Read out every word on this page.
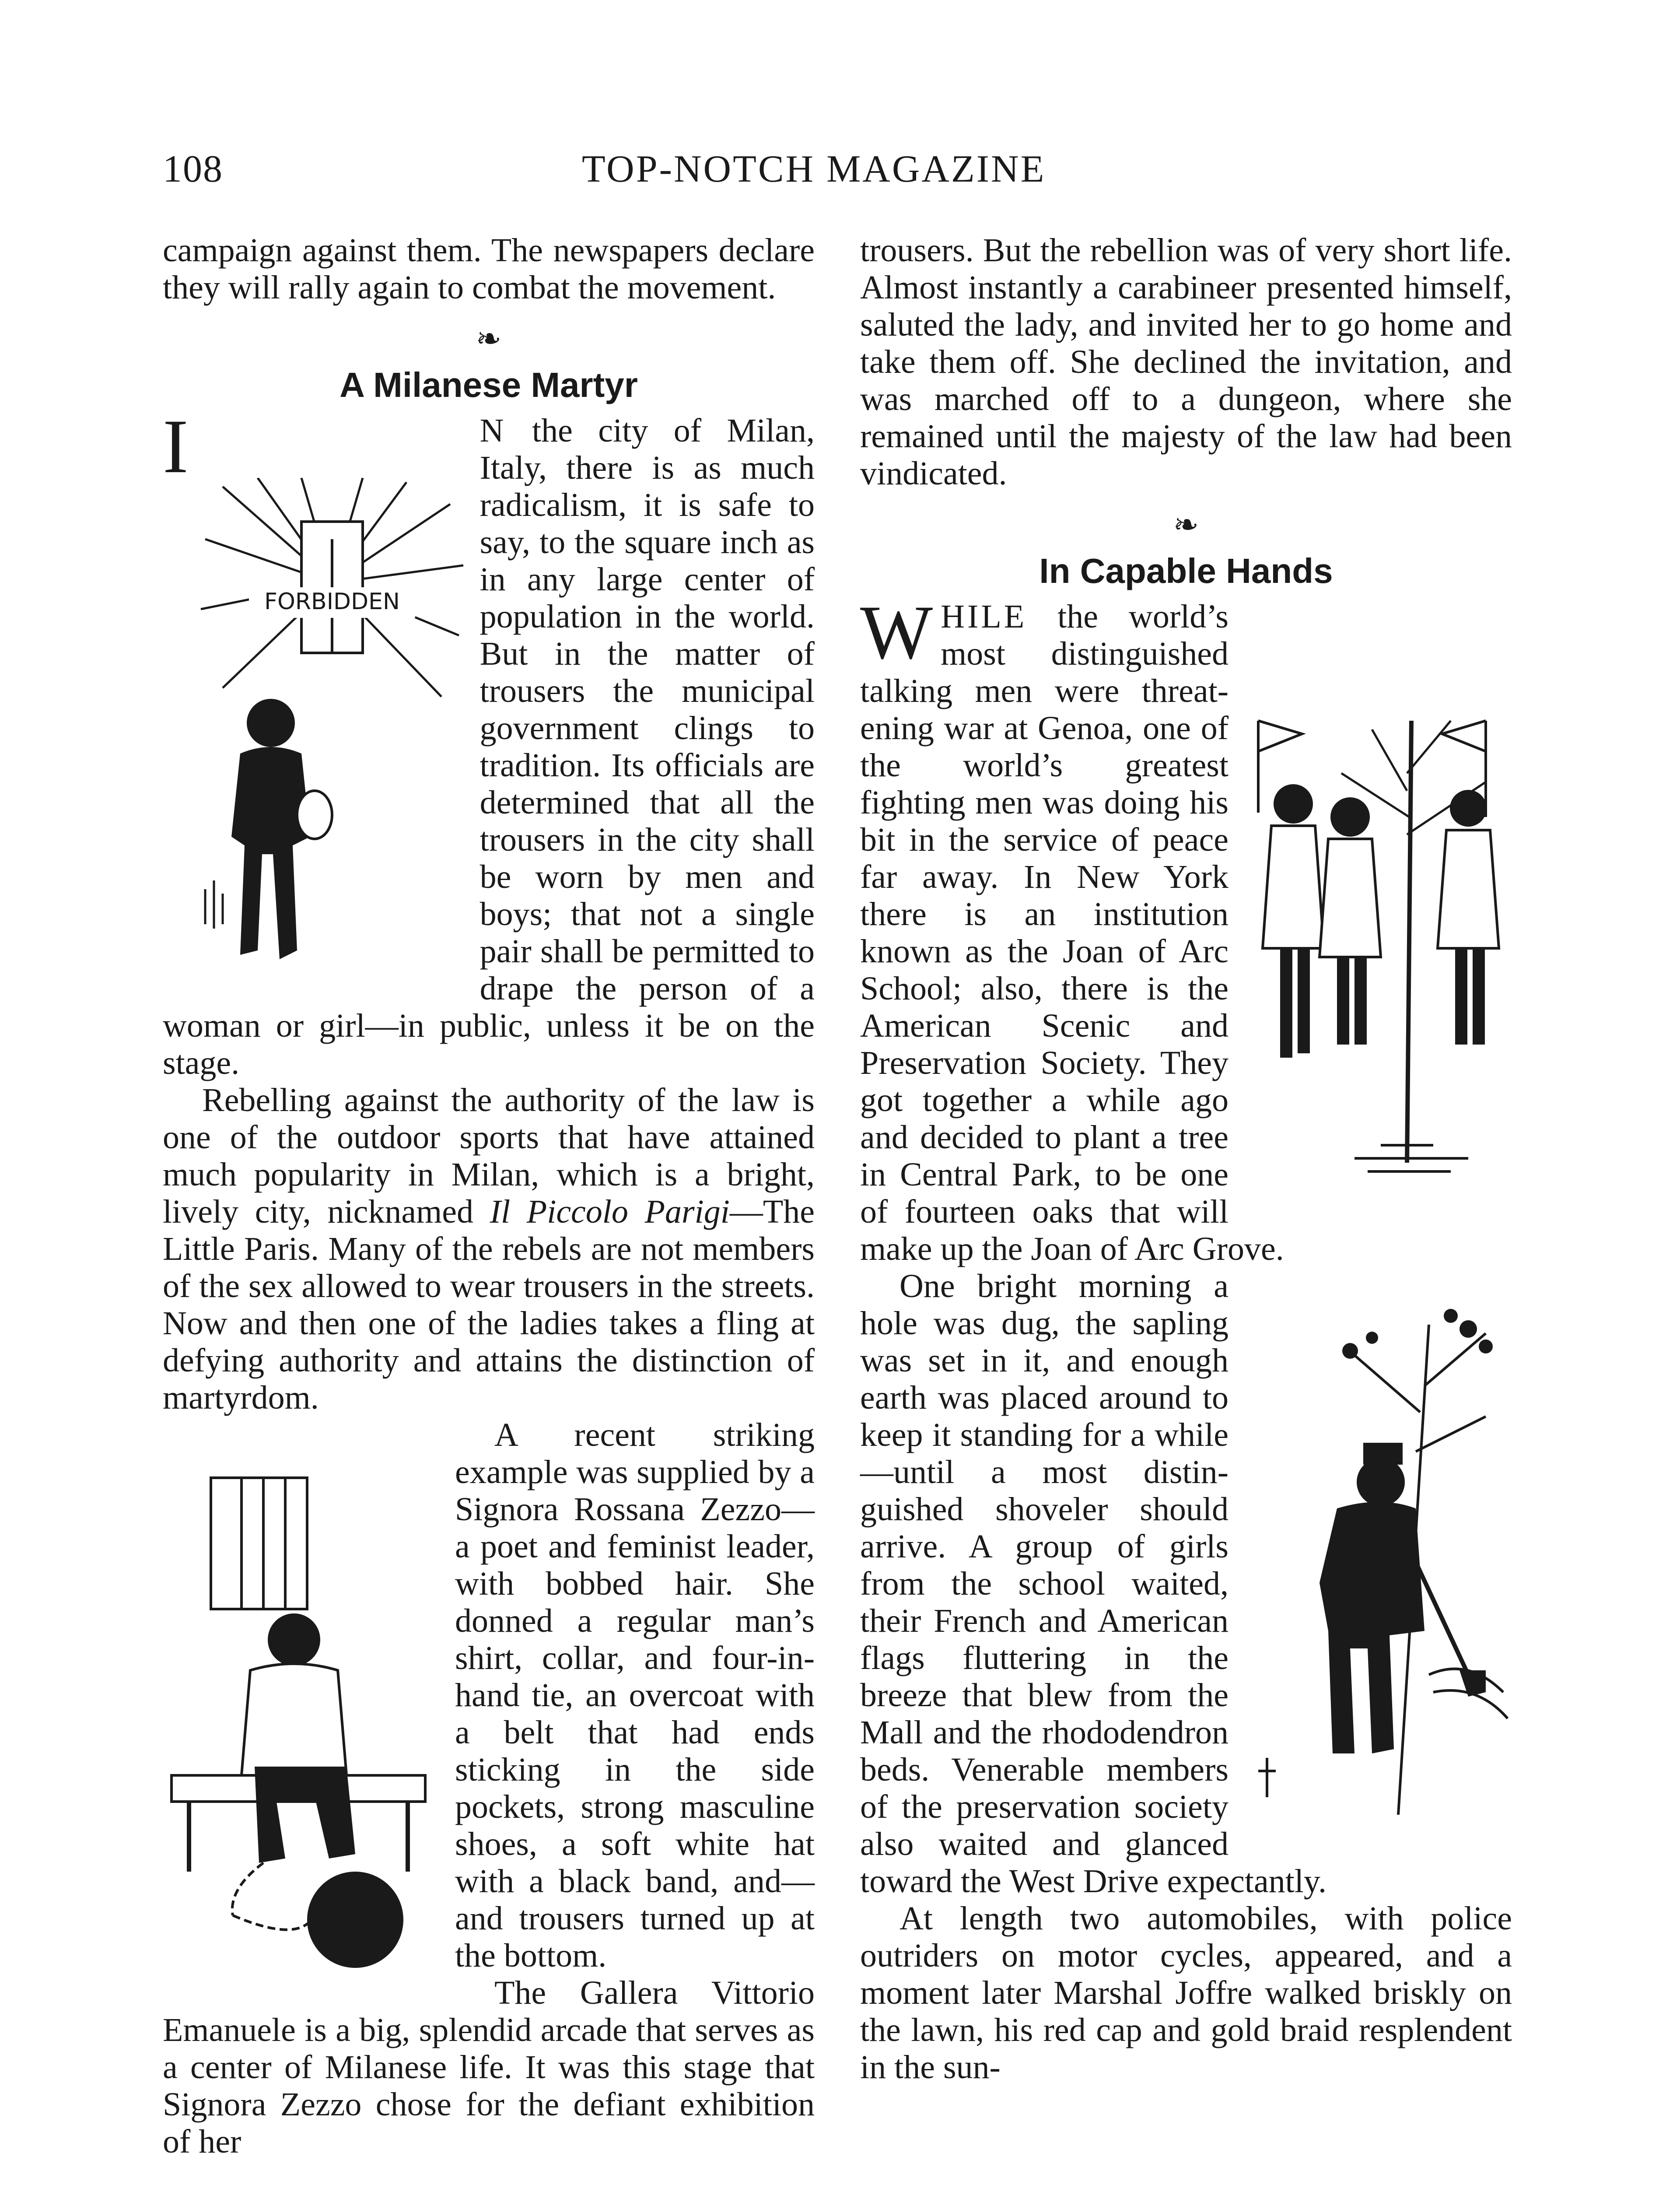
108	TOP-NOTCH MAGAZINE

campaign against them. The newspapers declare they will rally again to combat the movement.

❧
A Milanese Martyr

I	N
FORBIDDEN
the city of Milan, Italy, there is as much radicalism, it is safe to say, to the square inch as in any large center of population in the world. But in the matter of trousers the municipal government clings to tradition. Its officials are determined that all the trousers in the city shall be worn by men and boys; that not a single pair shall be permitted to drape the person of a woman or girl—in public, unless it be on the stage.

Rebelling against the authority of the law is one of the outdoor sports that have attained much popularity in Milan, which is a bright, lively city, nicknamed Il Piccolo Parigi—The Little Paris. Many of the rebels are not members of the sex allowed to wear trousers in the streets. Now and then one of the ladies takes a fling at defying authority and attains the distinction of martyrdom.

A recent striking example was supplied by a Signora Rossana Zezzo—a poet and feminist leader, with bobbed hair. She donned a regular man’s shirt, collar, and four-in-hand tie, an overcoat with a belt that had ends sticking in the side pockets, strong masculine shoes, a soft white hat with a black band, and—and trousers turned up at the bottom.

The Gallera Vittorio Emanuele is a big, splendid arcade that serves as a center of Milanese life. It was this stage that Signora Zezzo chose for the defiant exhibition of her

trousers. But the rebellion was of very short life. Almost instantly a carabineer presented himself, saluted the lady, and invited her to go home and take them off. She declined the invitation, and was marched off to a dungeon, where she remained until the majesty of the law had been vindicated.

❧
In Capable Hands

W HILE the world’s most distinguished talking men were threatening war at Genoa, one of the world’s greatest fighting men was doing his bit in the service of peace far away. In New York there is an institution known as the Joan of Arc School; also, there is the American Scenic and Preservation Society. They got together a while ago and decided to plant a tree in Central Park, to be one of fourteen oaks that will make up the Joan of Arc Grove.

One bright morning a hole was dug, the sapling was set in it, and enough earth was placed around to keep it standing for a while —until a most distinguished shoveler should arrive. A group of girls from the school waited, their French and American flags fluttering in the breeze that blew from the Mall and the rhododendron beds. Venerable members of the preservation society also waited and glanced toward the West Drive expectantly.

At length two automobiles, with police outriders on motor cycles, appeared, and a moment later Marshal Joffre walked briskly on the lawn, his red cap and gold braid resplendent in the sun-
